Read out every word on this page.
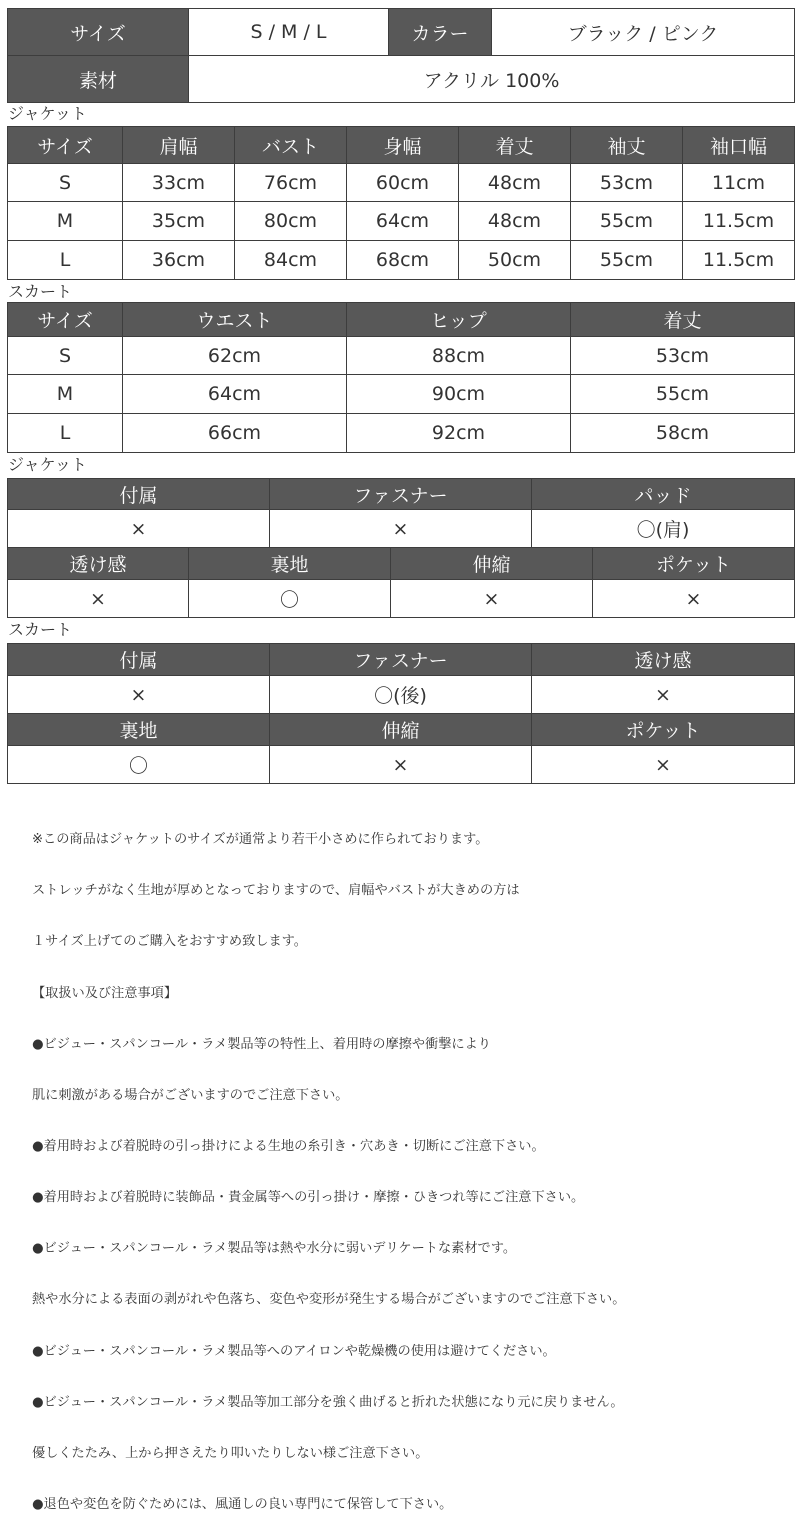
サイズ	S / M / L	カラー	ブラック / ピンク
素材	アクリル 100%		
ジャケット
サイズ	肩幅	バスト	身幅	着丈	袖丈	袖口幅
S	33cm	76cm	60cm	48cm	53cm	11cm
M	35cm	80cm	64cm	48cm	55cm	11.5cm
L	36cm	84cm	68cm	50cm	55cm	11.5cm
スカート
サイズ	ウエスト	ヒップ	着丈
S	62cm	88cm	53cm
M	64cm	90cm	55cm
L	66cm	92cm	58cm
ジャケット
付属	ファスナー	パッド
×	×	〇(肩)
透け感	裏地	伸縮	ポケット
×	〇	×	×
スカート
付属	ファスナー	透け感
×	〇(後)	×
裏地	伸縮	ポケット
〇	×	×

※この商品はジャケットのサイズが通常より若干小さめに作られております。

ストレッチがなく生地が厚めとなっておりますので、肩幅やバストが大きめの方は

１サイズ上げてのご購入をおすすめ致します。

【取扱い及び注意事項】

●ビジュー・スパンコール・ラメ製品等の特性上、着用時の摩擦や衝撃により

肌に刺激がある場合がございますのでご注意下さい。

●着用時および着脱時の引っ掛けによる生地の糸引き・穴あき・切断にご注意下さい。

●着用時および着脱時に装飾品・貴金属等への引っ掛け・摩擦・ひきつれ等にご注意下さい。

●ビジュー・スパンコール・ラメ製品等は熱や水分に弱いデリケートな素材です。

熱や水分による表面の剥がれや色落ち、変色や変形が発生する場合がございますのでご注意下さい。

●ビジュー・スパンコール・ラメ製品等へのアイロンや乾燥機の使用は避けてください。

●ビジュー・スパンコール・ラメ製品等加工部分を強く曲げると折れた状態になり元に戻りません。

優しくたたみ、上から押さえたり叩いたりしない様ご注意下さい。

●退色や変色を防ぐためには、風通しの良い専門にて保管して下さい。
